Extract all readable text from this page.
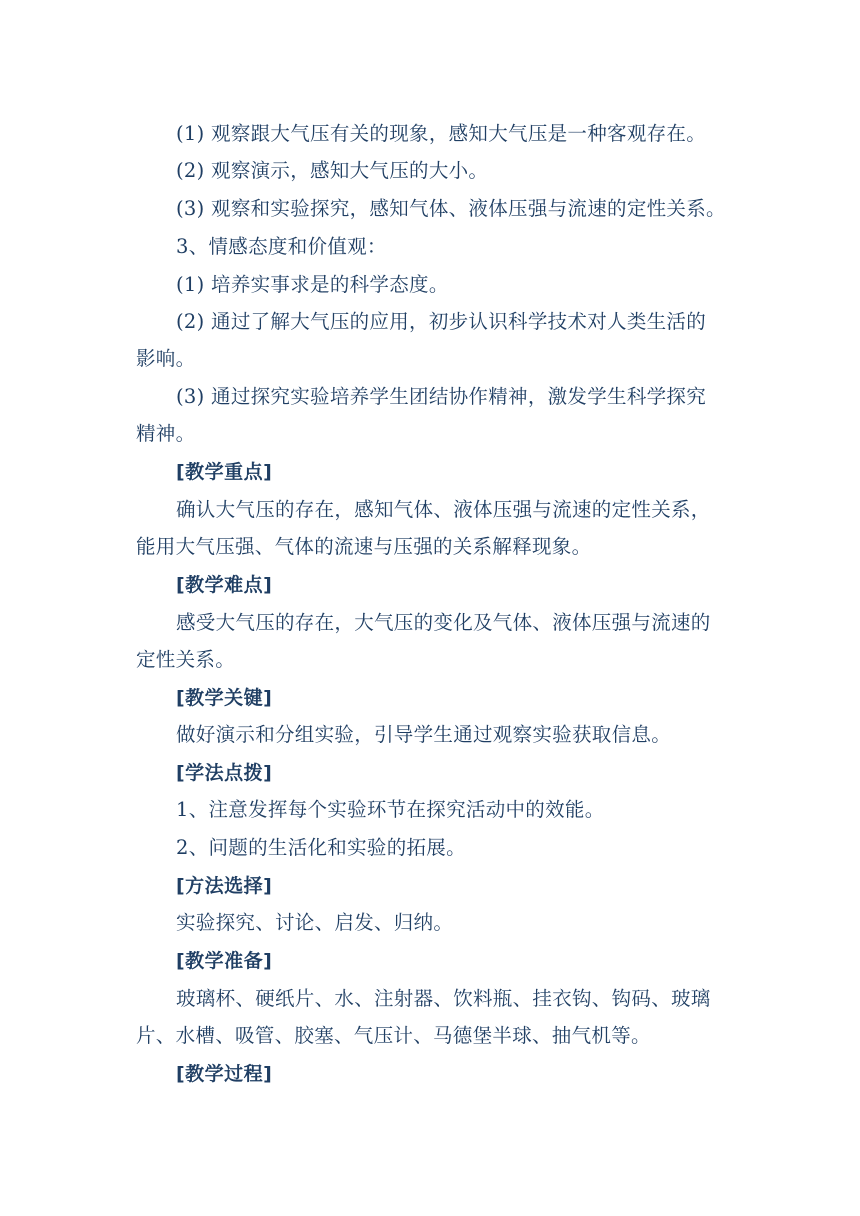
(1) 观察跟大气压有关的现象，感知大气压是一种客观存在。
(2) 观察演示，感知大气压的大小。
(3) 观察和实验探究，感知气体、液体压强与流速的定性关系。
3、情感态度和价值观：
(1) 培养实事求是的科学态度。
(2) 通过了解大气压的应用，初步认识科学技术对人类生活的
影响。
(3) 通过探究实验培养学生团结协作精神，激发学生科学探究
精神。
[教学重点]
确认大气压的存在，感知气体、液体压强与流速的定性关系，
能用大气压强、气体的流速与压强的关系解释现象。
[教学难点]
感受大气压的存在，大气压的变化及气体、液体压强与流速的
定性关系。
[教学关键]
做好演示和分组实验，引导学生通过观察实验获取信息。
[学法点拨]
1、注意发挥每个实验环节在探究活动中的效能。
2、问题的生活化和实验的拓展。
[方法选择]
实验探究、讨论、启发、归纳。
[教学准备]
玻璃杯、硬纸片、水、注射器、饮料瓶、挂衣钩、钩码、玻璃
片、水槽、吸管、胶塞、气压计、马德堡半球、抽气机等。
[教学过程]
